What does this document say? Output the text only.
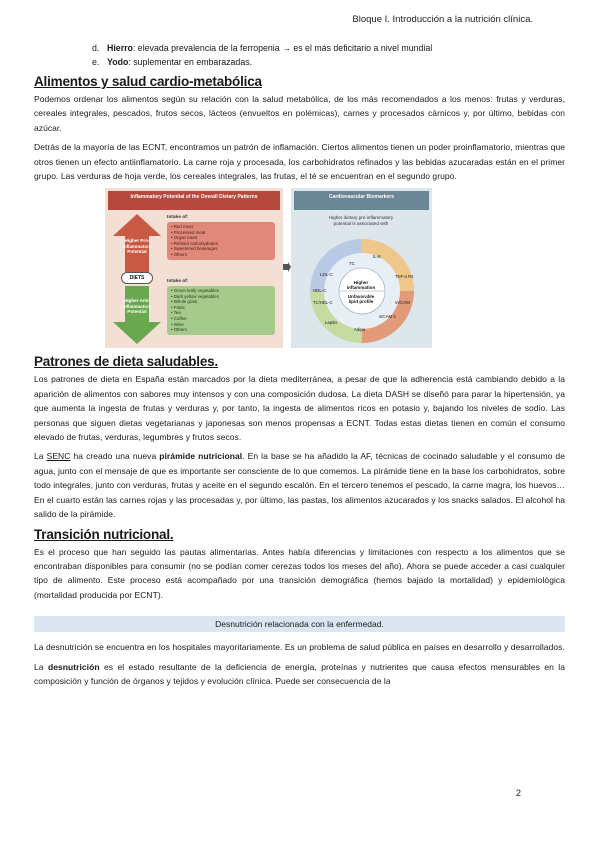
Bloque I. Introducción a la nutrición clínica.
d. Hierro: elevada prevalencia de la ferropenia → es el más deficitario a nivel mundial
e. Yodo: suplementar en embarazadas.
Alimentos y salud cardio-metabólica

Podemos ordenar los alimentos según su relación con la salud metabólica, de los más recomendados a los menos: frutas y verduras, cereales integrales, pescados, frutos secos, lácteos (envueltos en polémicas), carnes y procesados cárnicos y, por último, bebidas con azúcar.

Detrás de la mayoría de las ECNT, encontramos un patrón de inflamación. Ciertos alimentos tienen un poder proinflamatorio, mientras que otros tienen un efecto antiinflamatorio. La carne roja y procesada, los carbohidratos refinados y las bebidas azucaradas están en el primer grupo. Las verduras de hoja verde, los cereales integrales, las frutas, el té se encuentran en el segundo grupo.

Inflammatory Potential of the Overall Dietary Patterns
Higher Pro-inflammatory Potential
DIETS
Higher Anti-inflammatory Potential
Intake of:
• Red meat
• Processed meat
• Organ meat
• Refined carbohydrates
• Sweetened beverages
• Others
Intake of:
• Green leafy vegetables
• Dark yellow vegetables
• Whole grain
• Fruits
• Tea
• Coffee
• Wine
• Others
Cardiovascular Biomarkers
Higher dietary pro-inflammatory potential is associated with
Higher inflammation
Unfavorable lipid profile
TC
IL-6
TNF-α R2
LDL-C
HDL-C
TC/HDL-C
Leptin
Adipo
sICAM-1
sVCAM
Patrones de dieta saludables.

Los patrones de dieta en España están marcados por la dieta mediterránea, a pesar de que la adherencia está cambiando debido a la aparición de alimentos con sabores muy intensos y con una composición dudosa. La dieta DASH se diseñó para parar la hipertensión, ya que aumenta la ingesta de frutas y verduras y, por tanto, la ingesta de alimentos ricos en potasio y, bajando los niveles de sodio. Las personas que siguen dietas vegetarianas y japonesas son menos propensas a ECNT. Todas estas dietas tienen en común el consumo elevado de frutas, verduras, legumbres y frutos secos.

La SENC ha creado una nueva pirámide nutricional. En la base se ha añadido la AF, técnicas de cocinado saludable y el consumo de agua, junto con el mensaje de que es importante ser consciente de lo que comemos. La pirámide tiene en la base los carbohidratos, sobre todo integrales, junto con verduras, frutas y aceite en el segundo escalón. En el tercero tenemos el pescado, la carne magra, los huevos… En el cuarto están las carnes rojas y las procesadas y, por último, las pastas, los alimentos azucarados y los snacks salados. El alcohol ha salido de la pirámide.

Transición nutricional.

Es el proceso que han seguido las pautas alimentarias. Antes había diferencias y limitaciones con respecto a los alimentos que se encontraban disponibles para consumir (no se podían comer cerezas todos los meses del año). Ahora se puede acceder a casi cualquier tipo de alimento. Este proceso está acompañado por una transición demográfica (hemos bajado la mortalidad) y epidemiológica (mortalidad producida por ECNT).

Desnutrición relacionada con la enfermedad.

La desnutrición se encuentra en los hospitales mayoritariamente. Es un problema de salud pública en países en desarrollo y desarrollados.

La desnutrición es el estado resultante de la deficiencia de energía, proteínas y nutrientes que causa efectos mensurables en la composición y función de órganos y tejidos y evolución clínica. Puede ser consecuencia de la

2
